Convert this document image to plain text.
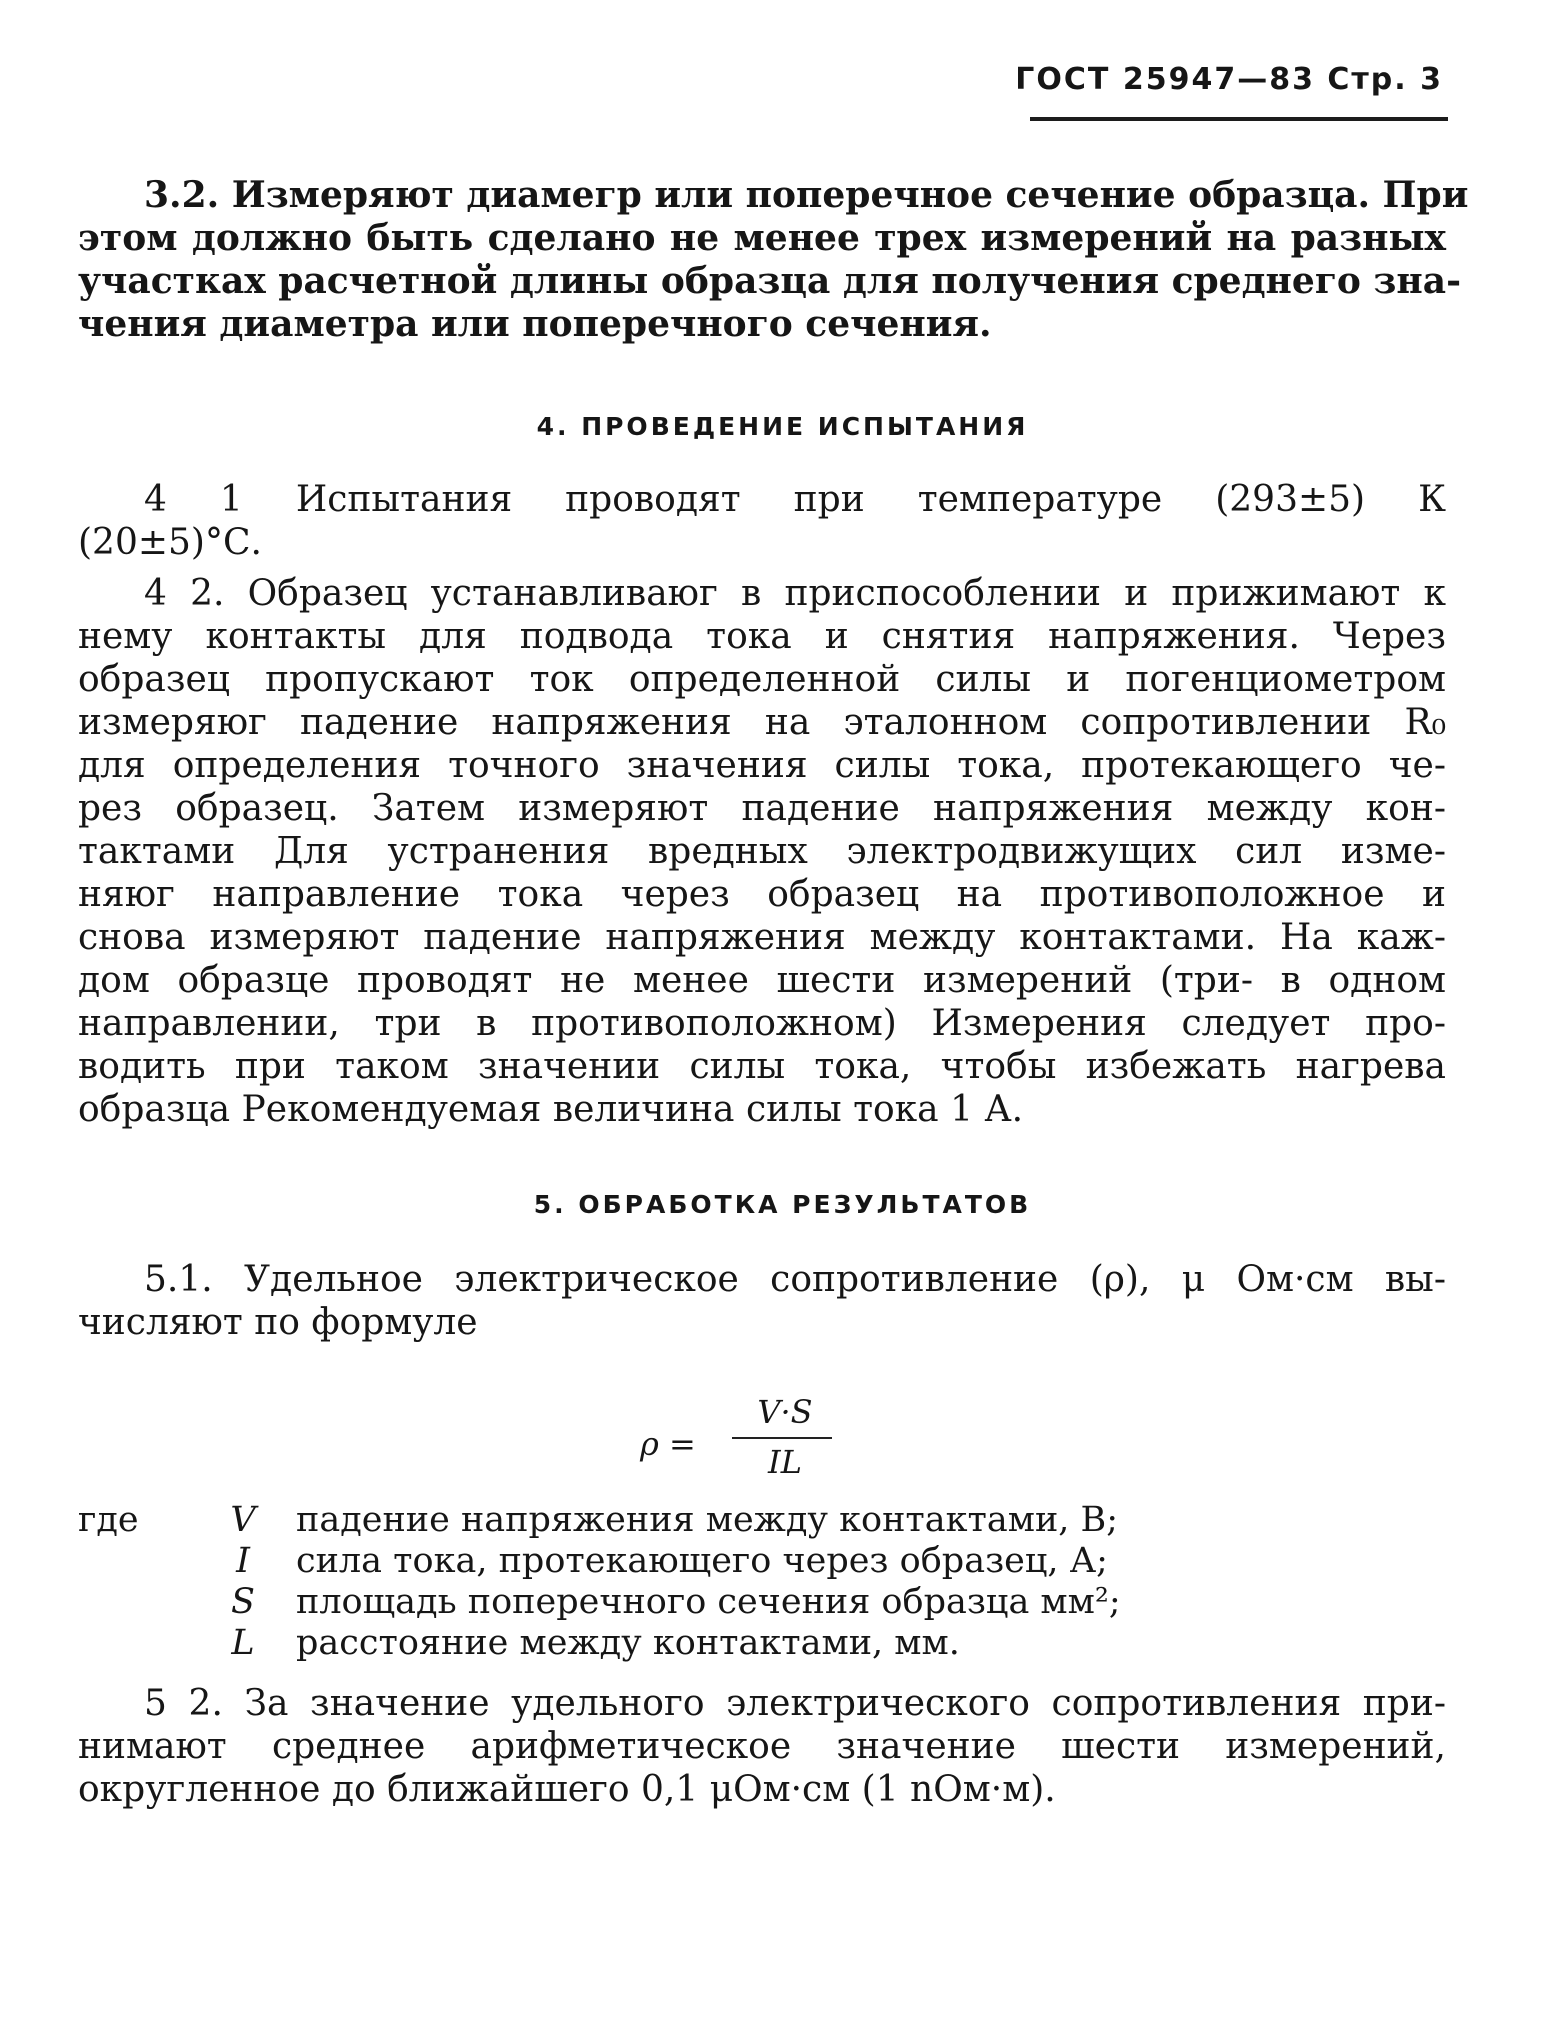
ГОСТ 25947—83 Стр. 3
3.2. Измеряют диамегр или поперечное сечение образца. При
этом должно быть сделано не менее трех измерений на разных
участках расчетной длины образца для получения среднего зна-
чения диаметра или поперечного сечения.
4. ПРОВЕДЕНИЕ ИСПЫТАНИЯ
4 1 Испытания проводят при температуре (293±5) К
(20±5)°С.
4 2. Образец устанавливаюг в приспособлении и прижимают к
нему контакты для подвода тока и снятия напряжения. Через
образец пропускают ток определенной силы и погенциометром
измеряюг падение напряжения на эталонном сопротивлении R₀
для определения точного значения силы тока, протекающего че-
рез образец. Затем измеряют падение напряжения между кон-
тактами Для устранения вредных электродвижущих сил изме-
няюг направление тока через образец на противоположное и
снова измеряют падение напряжения между контактами. На каж-
дом образце проводят не менее шести измерений (три- в одном
направлении, три в противоположном) Измерения следует про-
водить при таком значении силы тока, чтобы избежать нагрева
образца Рекомендуемая величина силы тока 1 А.
5. ОБРАБОТКА РЕЗУЛЬТАТОВ
5.1. Удельное электрическое сопротивление (ρ), μ Ом·см вы-
числяют по формуле
ρ =
V·S
IL
где	V	падение напряжения между контактами, В;
I	сила тока, протекающего через образец, А;
S	площадь поперечного сечения образца мм²;
L	расстояние между контактами, мм.
5 2. За значение удельного электрического сопротивления при-
нимают среднее арифметическое значение шести измерений,
округленное до ближайшего 0,1 μОм·см (1 nОм·м).
